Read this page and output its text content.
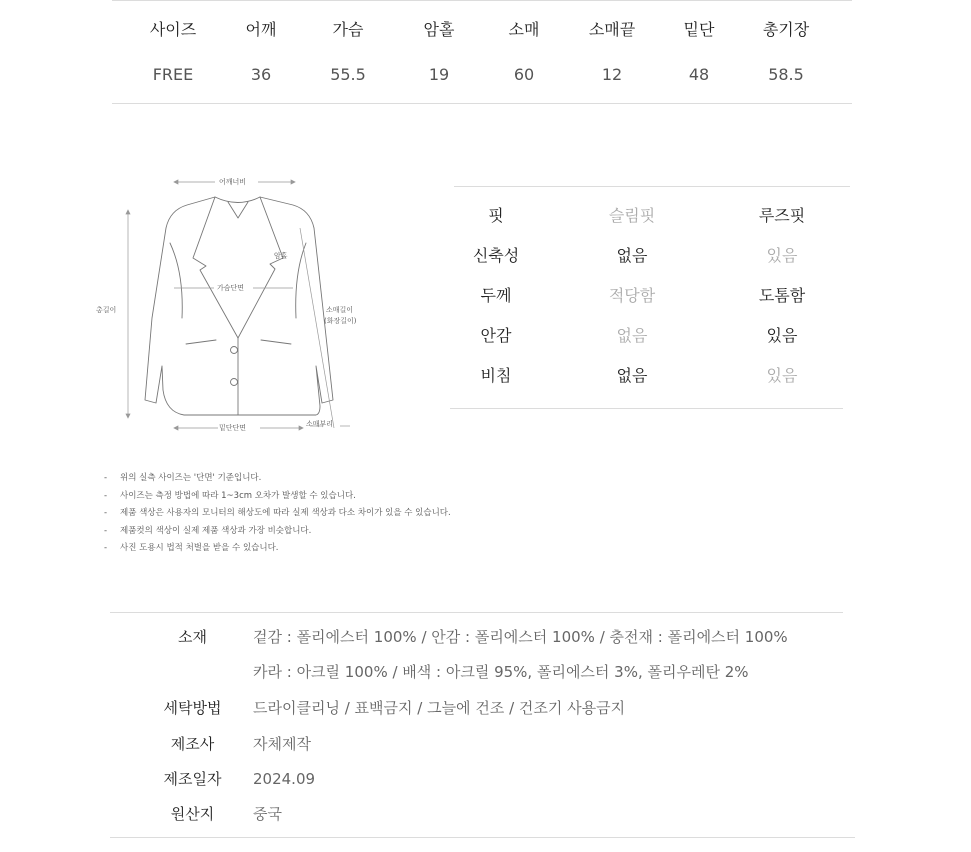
사이즈	어깨	가슴	암홀	소매	소매끝	밑단	총기장
FREE	36	55.5	19	60	12	48	58.5
어깨너비
암홀
가슴단면
총길이	소매길이
(화장길이)
밑단단면	소매부리
핏	슬림핏	루즈핏
신축성	없음	있음
두께	적당함	도톰함
안감	없음	있음
비침	없음	있음
- 위의 실측 사이즈는 '단면' 기준입니다.
- 사이즈는 측정 방법에 따라 1~3cm 오차가 발생할 수 있습니다.
- 제품 색상은 사용자의 모니터의 해상도에 따라 실제 색상과 다소 차이가 있을 수 있습니다.
- 제품컷의 색상이 실제 제품 색상과 가장 비슷합니다.
- 사진 도용시 법적 처벌을 받을 수 있습니다.
소재	겉감 : 폴리에스터 100% / 안감 : 폴리에스터 100% / 충전재 : 폴리에스터 100%
카라 : 아크릴 100% / 배색 : 아크릴 95%, 폴리에스터 3%, 폴리우레탄 2%
세탁방법	드라이클리닝 / 표백금지 / 그늘에 건조 / 건조기 사용금지
제조사	자체제작
제조일자	2024.09
원산지	중국
